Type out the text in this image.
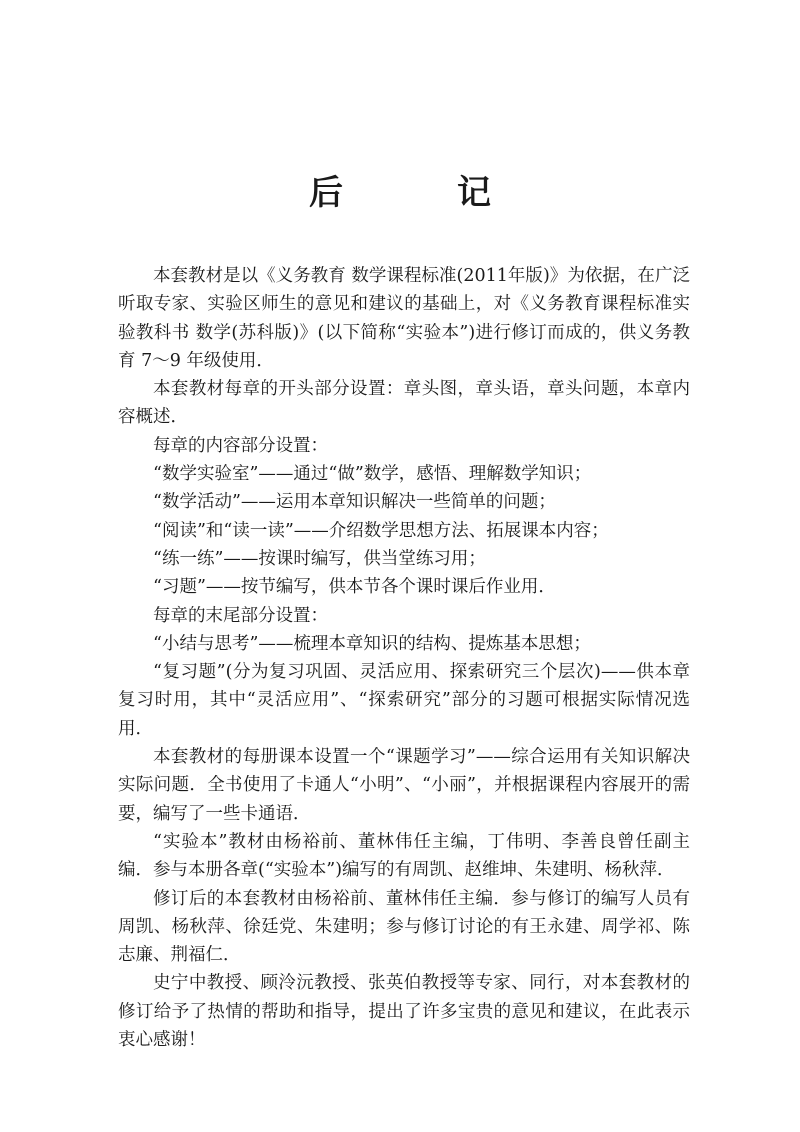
后　记

本套教材是以《义务教育 数学课程标准(2011年版)》为依据，在广泛听取专家、实验区师生的意见和建议的基础上，对《义务教育课程标准实验教科书 数学(苏科版)》(以下简称“实验本”)进行修订而成的，供义务教育 7～9 年级使用．

本套教材每章的开头部分设置：章头图，章头语，章头问题，本章内容概述．

每章的内容部分设置：

“数学实验室”——通过“做”数学，感悟、理解数学知识；

“数学活动”——运用本章知识解决一些简单的问题；

“阅读”和“读一读”——介绍数学思想方法、拓展课本内容；

“练一练”——按课时编写，供当堂练习用；

“习题”——按节编写，供本节各个课时课后作业用．

每章的末尾部分设置：

“小结与思考”——梳理本章知识的结构、提炼基本思想；

“复习题”(分为复习巩固、灵活应用、探索研究三个层次)——供本章复习时用，其中“灵活应用”、“探索研究”部分的习题可根据实际情况选用．

本套教材的每册课本设置一个“课题学习”——综合运用有关知识解决实际问题．全书使用了卡通人“小明”、“小丽”，并根据课程内容展开的需要，编写了一些卡通语．

“实验本”教材由杨裕前、董林伟任主编，丁伟明、李善良曾任副主编．参与本册各章(“实验本”)编写的有周凯、赵维坤、朱建明、杨秋萍．

修订后的本套教材由杨裕前、董林伟任主编．参与修订的编写人员有周凯、杨秋萍、徐廷党、朱建明；参与修订讨论的有王永建、周学祁、陈志廉、荆福仁．

史宁中教授、顾泠沅教授、张英伯教授等专家、同行，对本套教材的修订给予了热情的帮助和指导，提出了许多宝贵的意见和建议，在此表示衷心感谢！
